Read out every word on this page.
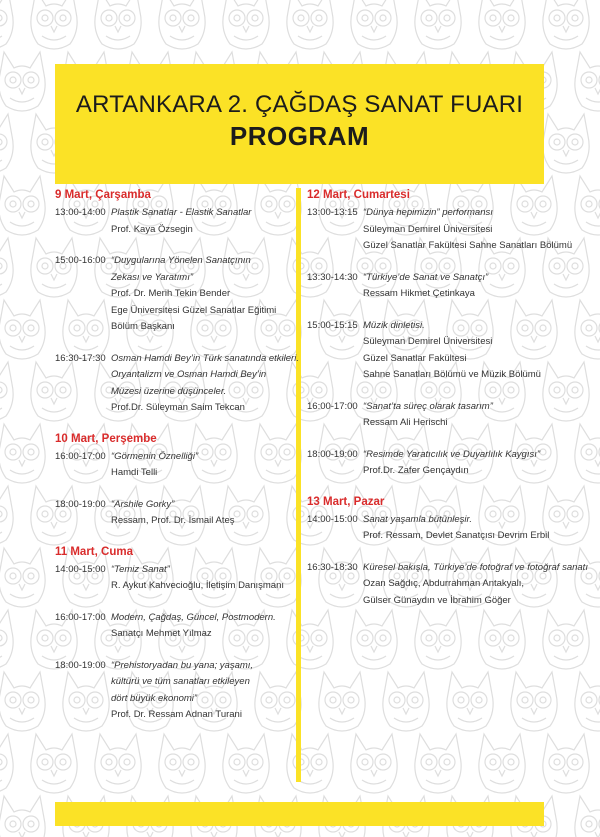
ARTANKARA 2. ÇAĞDAŞ SANAT FUARI
PROGRAM
9 Mart, Çarşamba
13:00-14:00 Plastik Sanatlar - Elastik Sanatlar
Prof. Kaya Özsegin
15:00-16:00 “Duygularına Yönelen Sanatçının
Zekası ve Yaratımı”
Prof. Dr. Merih Tekin Bender
Ege Üniversitesi Güzel Sanatlar Eğitimi
Bölüm Başkanı
16:30-17:30 Osman Hamdi Bey’in Türk sanatında etkileri.
Oryantalizm ve Osman Hamdi Bey’in
Müzesi üzerine düşünceler.
Prof.Dr. Süleyman Saim Tekcan
10 Mart, Perşembe
16:00-17:00 “Görmenin Öznelliği”
Hamdi Telli
18:00-19:00 “Arshile Gorky”
Ressam, Prof. Dr. İsmail Ateş
11 Mart, Cuma
14:00-15:00 “Temiz Sanat”
R. Aykut Kahvecioğlu, İletişim Danışmanı
16:00-17:00 Modern, Çağdaş, Güncel, Postmodern.
Sanatçı Mehmet Yılmaz
18:00-19:00 “Prehistoryadan bu yana; yaşamı,
kültürü ve tüm sanatları etkileyen
dört büyük ekonomi”
Prof. Dr. Ressam Adnan Turani
12 Mart, Cumartesi
13:00-13:15 “Dünya hepimizin” performansı
Süleyman Demirel Üniversitesi
Güzel Sanatlar Fakültesi Sahne Sanatları Bölümü
13:30-14:30 “Türkiye’de Sanat ve Sanatçı”
Ressam Hikmet Çetinkaya
15:00-15:15 Müzik dinletisi.
Süleyman Demirel Üniversitesi
Güzel Sanatlar Fakültesi
Sahne Sanatları Bölümü ve Müzik Bölümü
16:00-17:00 “Sanat’ta süreç olarak tasarım”
Ressam Ali Herischi
18:00-19:00 “Resimde Yaratıcılık ve Duyarlılık Kaygısı”
Prof.Dr. Zafer Gençaydın
13 Mart, Pazar
14:00-15:00 Sanat yaşamla bütünleşir.
Prof. Ressam, Devlet Sanatçısı Devrim Erbil
16:30-18:30 Küresel bakışla, Türkiye’de fotoğraf ve fotoğraf sanatı
Ozan Sağdıç, Abdurrahman Antakyalı,
Gülser Günaydın ve İbrahim Göğer
